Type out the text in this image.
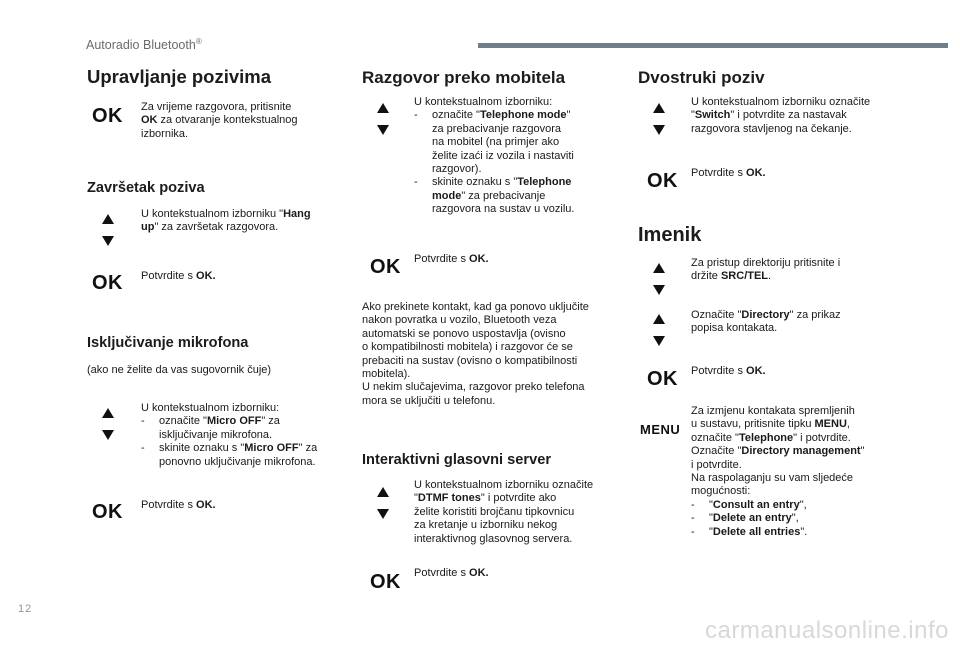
Autoradio Bluetooth®
Upravljanje pozivima
OK Za vrijeme razgovora, pritisnite
OK za otvaranje kontekstualnog
izbornika.
Završetak poziva
U kontekstualnom izborniku "Hang
up" za završetak razgovora.
OK Potvrdite s OK.
Isključivanje mikrofona
(ako ne želite da vas sugovornik čuje)
U kontekstualnom izborniku:
- označite "Micro OFF" za
isključivanje mikrofona.
- skinite oznaku s "Micro OFF" za
ponovno uključivanje mikrofona.
OK Potvrdite s OK.
Razgovor preko mobitela
U kontekstualnom izborniku:
- označite "Telephone mode"
za prebacivanje razgovora
na mobitel (na primjer ako
želite izaći iz vozila i nastaviti
razgovor).
- skinite oznaku s "Telephone
mode" za prebacivanje
razgovora na sustav u vozilu.
OK Potvrdite s OK.
Ako prekinete kontakt, kad ga ponovo uključite
nakon povratka u vozilo, Bluetooth veza
automatski se ponovo uspostavlja (ovisno
o kompatibilnosti mobitela) i razgovor će se
prebaciti na sustav (ovisno o kompatibilnosti
mobitela).
U nekim slučajevima, razgovor preko telefona
mora se uključiti u telefonu.
Interaktivni glasovni server
U kontekstualnom izborniku označite
"DTMF tones" i potvrdite ako
želite koristiti brojčanu tipkovnicu
za kretanje u izborniku nekog
interaktivnog glasovnog servera.
OK Potvrdite s OK.
Dvostruki poziv
U kontekstualnom izborniku označite
"Switch" i potvrdite za nastavak
razgovora stavljenog na čekanje.
OK Potvrdite s OK.
Imenik
Za pristup direktoriju pritisnite i
držite SRC/TEL.
Označite "Directory" za prikaz
popisa kontakata.
OK Potvrdite s OK.
MENU
Za izmjenu kontakata spremljenih
u sustavu, pritisnite tipku MENU,
označite "Telephone" i potvrdite.
Označite "Directory management"
i potvrdite.
Na raspolaganju su vam sljedeće
mogućnosti:
- "Consult an entry",
- "Delete an entry",
- "Delete all entries".
12
carmanualsonline.info
